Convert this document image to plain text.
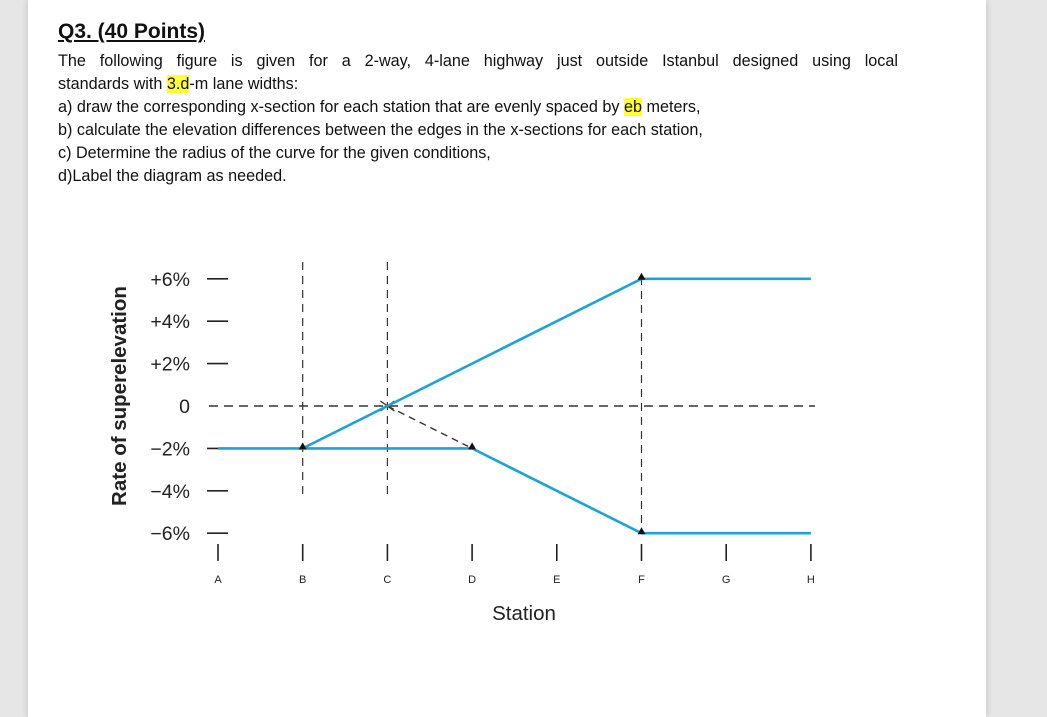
Q3. (40 Points)

The following figure is given for a 2-way, 4-lane highway just outside Istanbul designed using local

standards with 3.d-m lane widths:

a) draw the corresponding x-section for each station that are evenly spaced by eb meters,

b) calculate the elevation differences between the edges in the x-sections for each station,

c) Determine the radius of the curve for the given conditions,

d)Label the diagram as needed.

Rate of superelevation
+6%
+4%
+2%
0
−2%
−4%
−6%
A	B	C	D	E	F	G	H
Station
